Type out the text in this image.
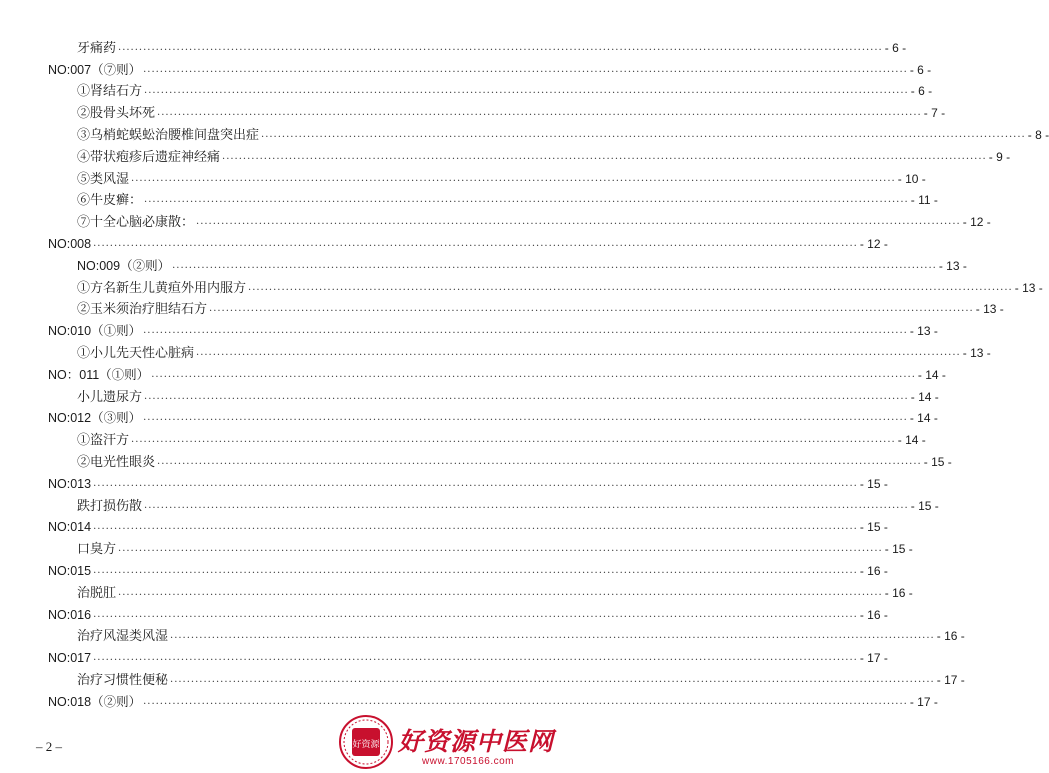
牙痛药 .....	- 6 -
NO:007（⑦则） .....	- 6 -
①肾结石方 .....	- 6 -
②股骨头坏死 .....	- 7 -
③乌梢蛇蜈蚣治腰椎间盘突出症 .....	- 8 -
④带状疱疹后遗症神经痛 .....	- 9 -
⑤类风湿 .....	- 10 -
⑥牛皮癣： .....	- 11 -
⑦十全心脑必康散： .....	- 12 -
NO:008 .....	- 12 -
NO:009（②则） .....	- 13 -
①方名新生儿黄疸外用内服方 .....	- 13 -
②玉米须治疗胆结石方 .....	- 13 -
NO:010（①则） .....	- 13 -
①小儿先天性心脏病 .....	- 13 -
NO：011（①则） .....	- 14 -
小儿遗尿方 .....	- 14 -
NO:012（③则） .....	- 14 -
①盗汗方 .....	- 14 -
②电光性眼炎 .....	- 15 -
NO:013 .....	- 15 -
跌打损伤散 .....	- 15 -
NO:014 .....	- 15 -
口臭方 .....	- 15 -
NO:015 .....	- 16 -
治脱肛 .....	- 16 -
NO:016 .....	- 16 -
治疗风湿类风湿 .....	- 16 -
NO:017 .....	- 17 -
治疗习惯性便秘 .....	- 17 -
NO:018（②则） .....	- 17 -
– 2 –	好资源 好资源中医网
www.1705166.com
